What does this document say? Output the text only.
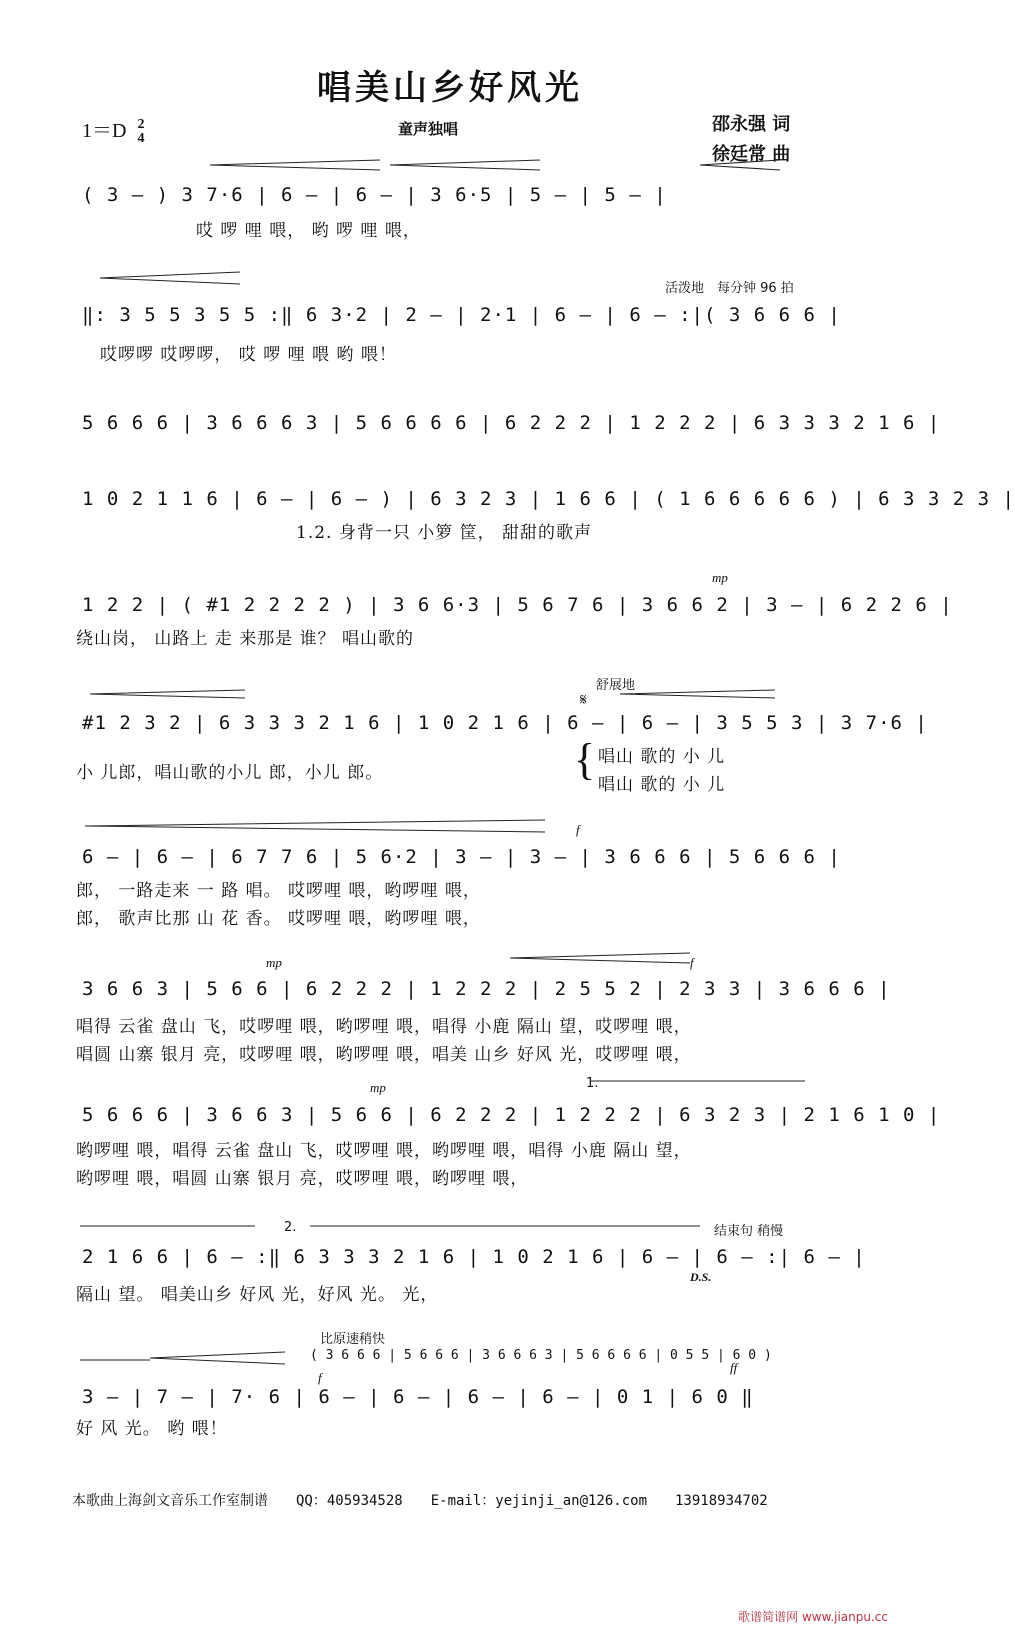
唱美山乡好风光
1＝D 2
4
童声独唱	邵永强 词
徐廷常 曲
活泼地　每分钟 96 拍
舒展地
𝄋
mp
f
mp	f
mp	1.
2.	结束句 稍慢
D.S.
比原速稍快
f
ff
( 3 – ) 3 7·6 | 6 – | 6 – | 3 6·5 | 5 – | 5 – |
哎 啰 哩 喂， 哟 啰 哩 喂，
‖: 3 5 5 3 5 5 :‖ 6 3·2 | 2 – | 2·1 | 6 – | 6 – :|( 3 6 6 6 |
哎啰啰 哎啰啰， 哎 啰 哩 喂 哟 喂！
5 6 6 6 | 3 6 6 6 3 | 5 6 6 6 6 | 6 2 2 2 | 1 2 2 2 | 6 3 3 3 2 1 6 |
1 0 2 1 1 6 | 6 – | 6 – ) | 6 3 2 3 | 1 6 6 | ( 1 6 6 6 6 6 ) | 6 3 3 2 3 |
1.2. 身背一只 小箩 筐， 甜甜的歌声
1 2 2 | ( #1 2 2 2 2 ) | 3 6 6·3 | 5 6 7 6 | 3 6 6 2 | 3 – | 6 2 2 6 |
绕山岗， 山路上 走 来那是 谁？ 唱山歌的
#1 2 3 2 | 6 3 3 3 2 1 6 | 1 0 2 1 6 | 6 – | 6 – | 3 5 5 3 | 3 7·6 |
小 儿郎，唱山歌的小儿 郎，小儿 郎。	{ 唱山 歌的 小 儿
唱山 歌的 小 儿
6 – | 6 – | 6 7 7 6 | 5 6·2 | 3 – | 3 – | 3 6 6 6 | 5 6 6 6 |
郎， 一路走来 一 路 唱。 哎啰哩 喂，哟啰哩 喂，
郎， 歌声比那 山 花 香。 哎啰哩 喂，哟啰哩 喂，
3 6 6 3 | 5 6 6 | 6 2 2 2 | 1 2 2 2 | 2 5 5 2 | 2 3 3 | 3 6 6 6 |
唱得 云雀 盘山 飞，哎啰哩 喂，哟啰哩 喂，唱得 小鹿 隔山 望，哎啰哩 喂，
唱圆 山寨 银月 亮，哎啰哩 喂，哟啰哩 喂，唱美 山乡 好风 光，哎啰哩 喂，
5 6 6 6 | 3 6 6 3 | 5 6 6 | 6 2 2 2 | 1 2 2 2 | 6 3 2 3 | 2 1 6 1 0 |
哟啰哩 喂，唱得 云雀 盘山 飞，哎啰哩 喂，哟啰哩 喂，唱得 小鹿 隔山 望，
哟啰哩 喂，唱圆 山寨 银月 亮，哎啰哩 喂，哟啰哩 喂，
2 1 6 6 | 6 – :‖ 6 3 3 3 2 1 6 | 1 0 2 1 6 | 6 – | 6 – :| 6 – |
隔山 望。 唱美山乡 好风 光，好风 光。 光，
( 3 6 6 6 | 5 6 6 6 | 3 6 6 6 3 | 5 6 6 6 6 | 0 5 5 | 6 0 )
3 – | 7 – | 7· 6 | 6 – | 6 – | 6 – | 6 – | 0 1 | 6 0 ‖
好 风 光。 哟 喂！
本歌曲上海剑文音乐工作室制谱　　QQ：405934528　　E-mail：yejinji_an@126.com　　13918934702
歌谱简谱网 www.jianpu.cc
